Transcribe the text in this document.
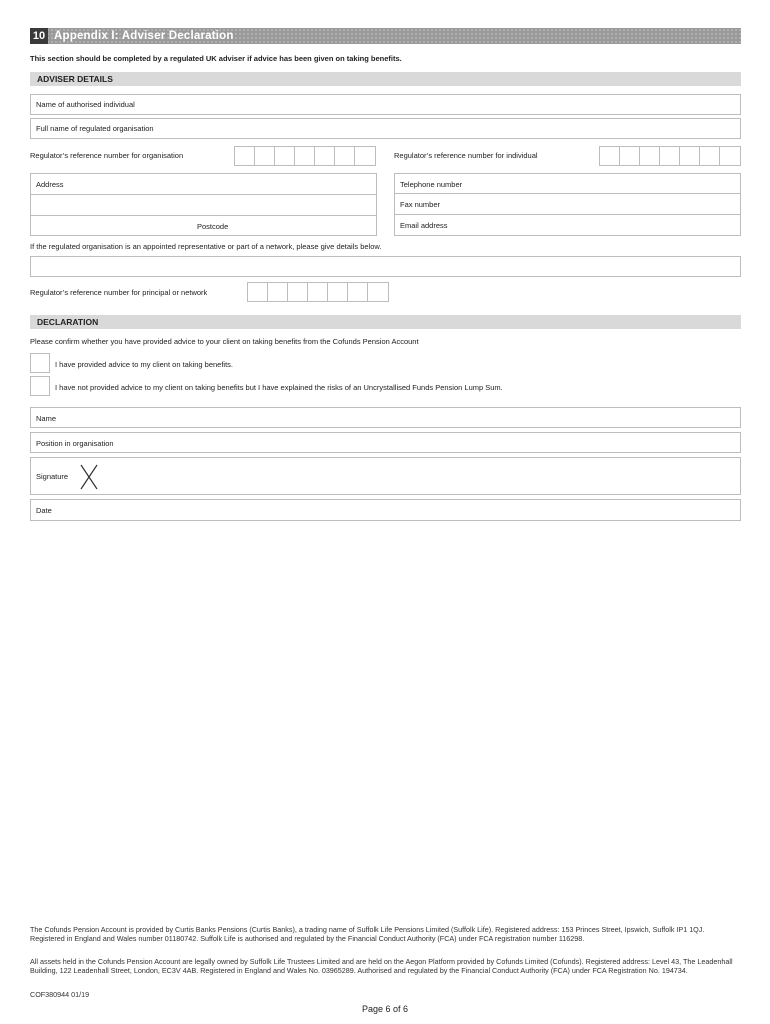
10 Appendix I: Adviser Declaration
This section should be completed by a regulated UK adviser if advice has been given on taking benefits.
ADVISER DETAILS
Name of authorised individual
Full name of regulated organisation
Regulator’s reference number for organisation	Regulator’s reference number for individual
Address
Postcode
Telephone number
Fax number
Email address
If the regulated organisation is an appointed representative or part of a network, please give details below.
Regulator’s reference number for principal or network
DECLARATION
Please confirm whether you have provided advice to your client on taking benefits from the Cofunds Pension Account
I have provided advice to my client on taking benefits.
I have not provided advice to my client on taking benefits but I have explained the risks of an Uncrystallised Funds Pension Lump Sum.
Name
Position in organisation
Signature
Date
The Cofunds Pension Account is provided by Curtis Banks Pensions (Curtis Banks), a trading name of Suffolk Life Pensions Limited (Suffolk Life). Registered address: 153 Princes Street, Ipswich, Suffolk IP1 1QJ. Registered in England and Wales number 01180742. Suffolk Life is authorised and regulated by the Financial Conduct Authority (FCA) under FCA registration number 116298.
All assets held in the Cofunds Pension Account are legally owned by Suffolk Life Trustees Limited and are held on the Aegon Platform provided by Cofunds Limited (Cofunds). Registered address: Level 43, The Leadenhall Building, 122 Leadenhall Street, London, EC3V 4AB. Registered in England and Wales No. 03965289. Authorised and regulated by the Financial Conduct Authority (FCA) under FCA Registration No. 194734.
COF380944 01/19
Page 6 of 6
